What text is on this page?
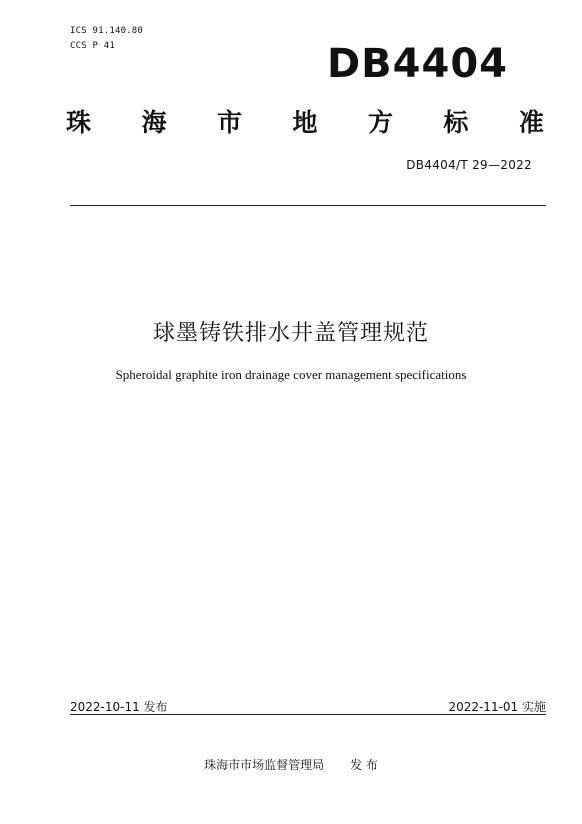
ICS 91.140.80
CCS P 41	DB4404
珠 海 市 地 方 标 准
DB4404/T 29—2022
球墨铸铁排水井盖管理规范
Spheroidal graphite iron drainage cover management specifications
2022-10-11 发布	2022-11-01 实施
珠海市市场监督管理局 发 布
